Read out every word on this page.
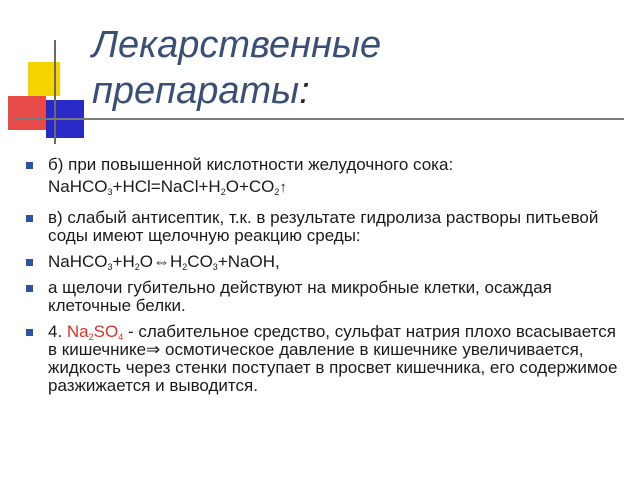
Лекарственные
препараты:
б) при повышенной кислотности желудочного сока:
$NaHCO_3+HCl=NaCl+H_2O+CO_2↑$
в) слабый антисептик, т.к. в результате гидролиза растворы питьевой соды имеют щелочную реакцию среды:
$NaHCO_3+H_2O\Leftrightarrow H_2CO_3+NaOH$,
а щелочи губительно действуют на микробные клетки, осаждая клеточные белки.
4. $Na_2SO_4$ - слабительное средство, сульфат натрия плохо всасывается в кишечнике⇒ осмотическое давление в кишечнике увеличивается, жидкость через стенки поступает в просвет кишечника, его содержимое разжижается и выводится.
